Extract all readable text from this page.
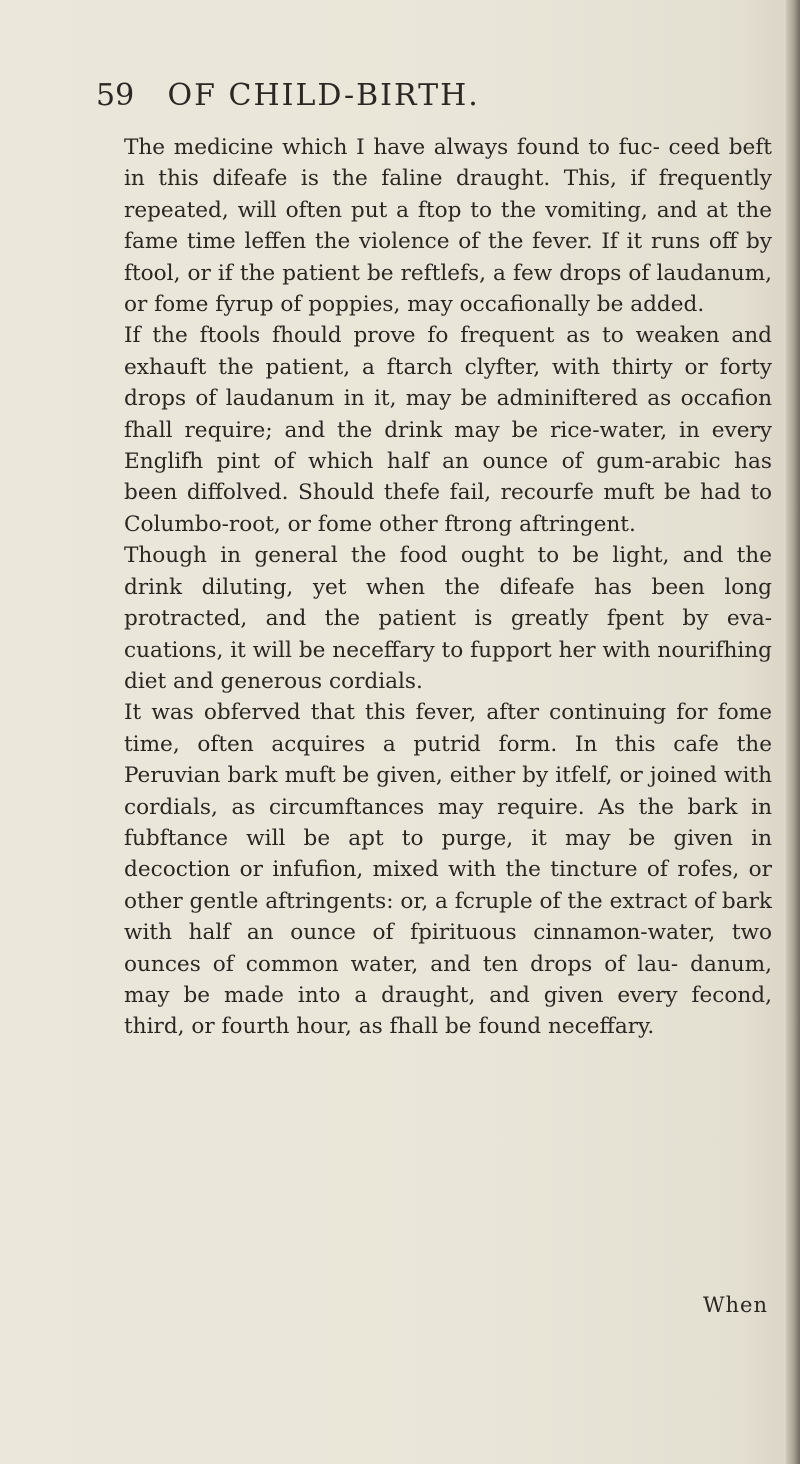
59 OF CHILD-BIRTH.

The medicine which I have always found to fuc- ceed beft in this difeafe is the faline draught. This, if frequently repeated, will often put a ftop to the vomiting, and at the fame time leffen the violence of the fever. If it runs off by ftool, or if the patient be reftlefs, a few drops of laudanum, or fome fyrup of poppies, may occafionally be added.

If the ftools fhould prove fo frequent as to weaken and exhauft the patient, a ftarch clyfter, with thirty or forty drops of laudanum in it, may be adminiftered as occafion fhall require; and the drink may be rice-water, in every Englifh pint of which half an ounce of gum-arabic has been diffolved. Should thefe fail, recourfe muft be had to Columbo-root, or fome other ftrong aftringent.

Though in general the food ought to be light, and the drink diluting, yet when the difeafe has been long protracted, and the patient is greatly fpent by eva- cuations, it will be neceffary to fupport her with nourifhing diet and generous cordials.

It was obferved that this fever, after continuing for fome time, often acquires a putrid form. In this cafe the Peruvian bark muft be given, either by itfelf, or joined with cordials, as circumftances may require. As the bark in fubftance will be apt to purge, it may be given in decoction or infufion, mixed with the tincture of rofes, or other gentle aftringents: or, a fcruple of the extract of bark with half an ounce of fpirituous cinnamon-water, two ounces of common water, and ten drops of lau- danum, may be made into a draught, and given every fecond, third, or fourth hour, as fhall be found neceffary.

When
